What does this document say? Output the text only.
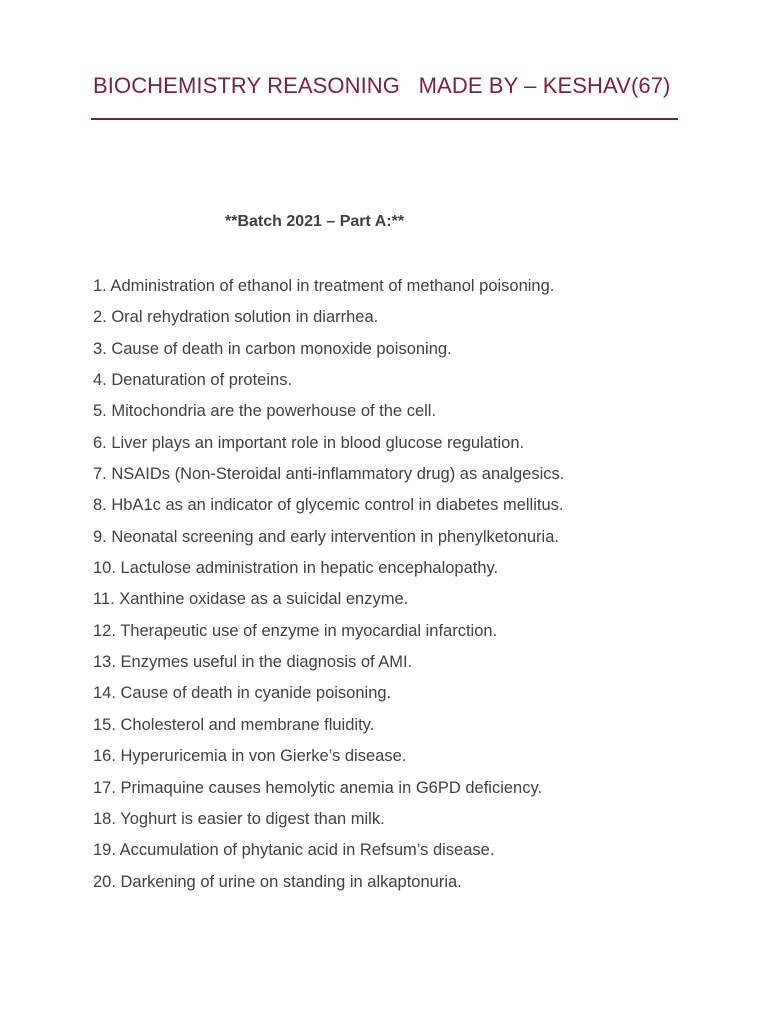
BIOCHEMISTRY REASONING   MADE BY – KESHAV(67)
**Batch 2021 – Part A:**
1. Administration of ethanol in treatment of methanol poisoning.
2. Oral rehydration solution in diarrhea.
3. Cause of death in carbon monoxide poisoning.
4. Denaturation of proteins.
5. Mitochondria are the powerhouse of the cell.
6. Liver plays an important role in blood glucose regulation.
7. NSAIDs (Non-Steroidal anti-inflammatory drug) as analgesics.
8. HbA1c as an indicator of glycemic control in diabetes mellitus.
9. Neonatal screening and early intervention in phenylketonuria.
10. Lactulose administration in hepatic encephalopathy.
11. Xanthine oxidase as a suicidal enzyme.
12. Therapeutic use of enzyme in myocardial infarction.
13. Enzymes useful in the diagnosis of AMI.
14. Cause of death in cyanide poisoning.
15. Cholesterol and membrane fluidity.
16. Hyperuricemia in von Gierke’s disease.
17. Primaquine causes hemolytic anemia in G6PD deficiency.
18. Yoghurt is easier to digest than milk.
19. Accumulation of phytanic acid in Refsum’s disease.
20. Darkening of urine on standing in alkaptonuria.
